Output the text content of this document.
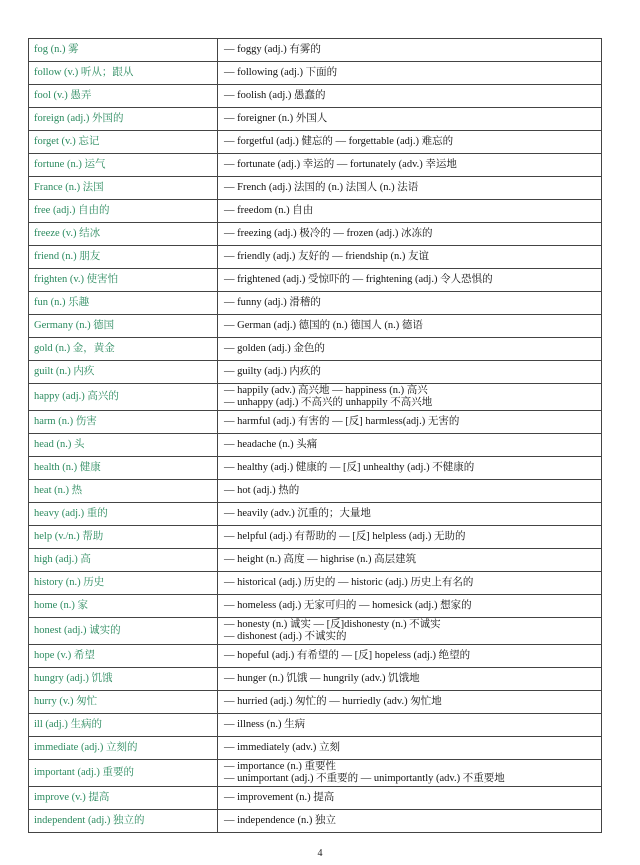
fog (n.) 雾	— foggy (adj.) 有雾的

follow (v.) 听从；跟从	— following (adj.) 下面的

fool (v.) 愚弄	— foolish (adj.) 愚蠢的

foreign (adj.) 外国的	— foreigner (n.) 外国人

forget (v.) 忘记	— forgetful (adj.) 健忘的 — forgettable (adj.) 难忘的

fortune (n.) 运气	— fortunate (adj.) 幸运的 — fortunately (adv.) 幸运地

France (n.) 法国	— French (adj.) 法国的 (n.) 法国人 (n.) 法语

free (adj.) 自由的	— freedom (n.) 自由

freeze (v.) 结冰	— freezing (adj.) 极冷的 — frozen (adj.) 冰冻的

friend (n.) 朋友	— friendly (adj.) 友好的 — friendship (n.) 友谊

frighten (v.) 使害怕	— frightened (adj.) 受惊吓的 — frightening (adj.) 令人恐惧的

fun (n.) 乐趣	— funny (adj.) 滑稽的

Germany (n.) 德国	— German (adj.) 德国的 (n.) 德国人 (n.) 德语

gold (n.) 金，黄金	— golden (adj.) 金色的

guilt (n.) 内疚	— guilty (adj.) 内疚的

happy (adj.) 高兴的	— happily (adv.) 高兴地 — happiness (n.) 高兴
— unhappy (adj.) 不高兴的 unhappily 不高兴地

harm (n.) 伤害	— harmful (adj.) 有害的 — [反] harmless(adj.) 无害的

head (n.) 头	— headache (n.) 头痛

health (n.) 健康	— healthy (adj.) 健康的 — [反] unhealthy (adj.) 不健康的

heat (n.) 热	— hot (adj.) 热的

heavy (adj.) 重的	— heavily (adv.) 沉重的；大量地

help (v./n.) 帮助	— helpful (adj.) 有帮助的 — [反] helpless (adj.) 无助的

high (adj.) 高	— height (n.) 高度 — highrise (n.) 高层建筑

history (n.) 历史	— historical (adj.) 历史的 — historic (adj.) 历史上有名的

home (n.) 家	— homeless (adj.) 无家可归的 — homesick (adj.) 想家的

honest (adj.) 诚实的	— honesty (n.) 诚实 — [反]dishonesty (n.) 不诚实
— dishonest (adj.) 不诚实的

hope (v.) 希望	— hopeful (adj.) 有希望的 — [反] hopeless (adj.) 绝望的

hungry (adj.) 饥饿	— hunger (n.) 饥饿 — hungrily (adv.) 饥饿地

hurry (v.) 匆忙	— hurried (adj.) 匆忙的 — hurriedly (adv.) 匆忙地

ill (adj.) 生病的	— illness (n.) 生病

immediate (adj.) 立刻的	— immediately (adv.) 立刻

important (adj.) 重要的	— importance (n.) 重要性
— unimportant (adj.) 不重要的 — unimportantly (adv.) 不重要地

improve (v.) 提高	— improvement (n.) 提高

independent (adj.) 独立的	— independence (n.) 独立
4
